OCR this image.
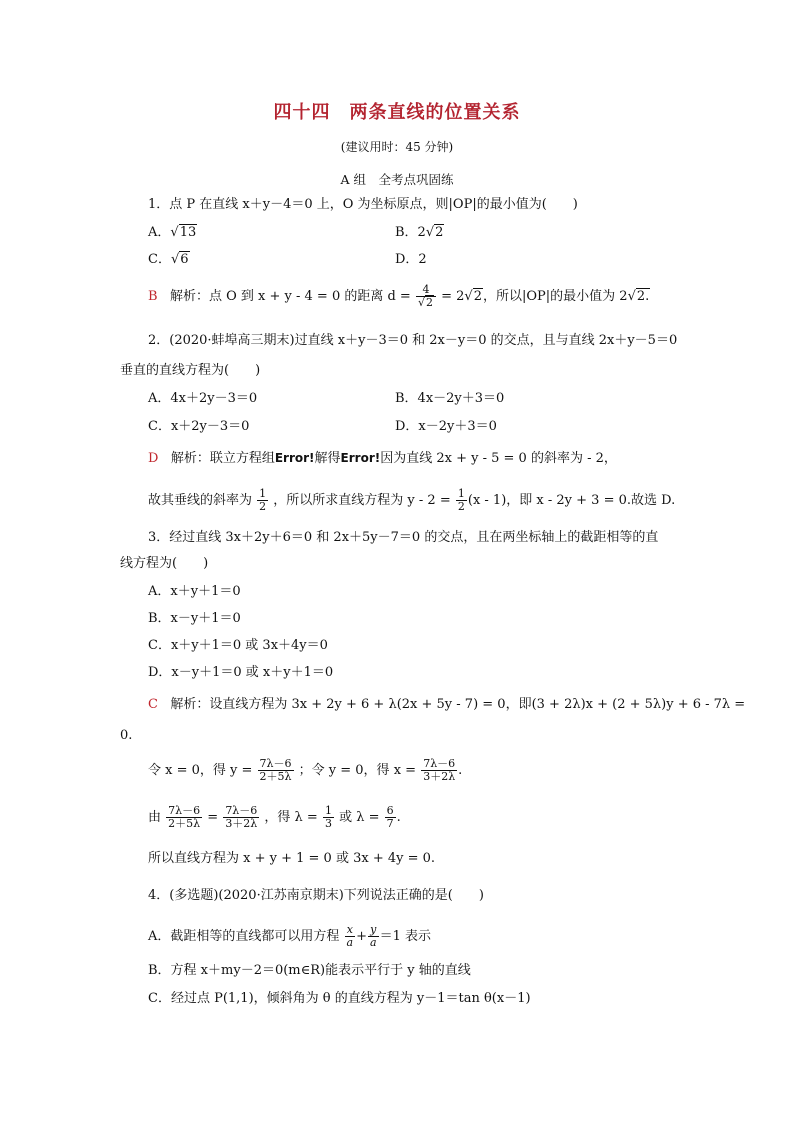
四十四　两条直线的位置关系
(建议用时：45 分钟)
A 组　全考点巩固练
1．点 P 在直线 x＋y－4＝0 上，O 为坐标原点，则|OP|的最小值为(　　)
A．√13	B．2√2
C．√6	D．2
B 解析：点 O 到 x + y - 4 = 0 的距离 $d = \frac{4}{√2} = 2√2$，所以|OP|的最小值为 2√2.
2．(2020·蚌埠高三期末)过直线 x＋y－3＝0 和 2x－y＝0 的交点，且与直线 2x＋y－5＝0
垂直的直线方程为(　　)
A．4x＋2y－3＝0	B．4x－2y＋3＝0
C．x＋2y－3＝0	D．x－2y＋3＝0
D 解析：联立方程组Error!解得Error!因为直线 2x + y - 5 = 0 的斜率为 - 2，
故其垂线的斜率为 $\frac{1}{2}$ ，所以所求直线方程为 $y - 2 = \frac{1}{2} (x - 1)$，即 x - 2y + 3 = 0.故选 D.
3．经过直线 3x＋2y＋6＝0 和 2x＋5y－7＝0 的交点，且在两坐标轴上的截距相等的直
线方程为(　　)
A．x＋y＋1＝0
B．x－y＋1＝0
C．x＋y＋1＝0 或 3x＋4y＝0
D．x－y＋1＝0 或 x＋y＋1＝0
C 解析：设直线方程为 3x + 2y + 6 + λ(2x + 5y - 7) = 0，即(3 + 2λ)x + (2 + 5λ)y + 6 - 7λ =
0.
令 x = 0，得 $y = \frac{7\lambda-6}{2+5\lambda}$ ；令 y = 0，得 $x = \frac{7\lambda-6}{3+2\lambda}$ .
由 $\frac{7\lambda-6}{2+5\lambda} = \frac{7\lambda-6}{3+2\lambda}$ ，得 $\lambda = \frac{1}{3}$ 或 $\lambda = \frac{6}{7}$ .
所以直线方程为 x + y + 1 = 0 或 3x + 4y = 0.
4．(多选题)(2020·江苏南京期末)下列说法正确的是(　　)
A．截距相等的直线都可以用方程 $\frac{x}{a} + \frac{y}{a} =1$ 表示
B．方程 x＋my－2＝0(m∈R)能表示平行于 y 轴的直线
C．经过点 P(1,1)，倾斜角为 θ 的直线方程为 y－1＝tan θ(x－1)
